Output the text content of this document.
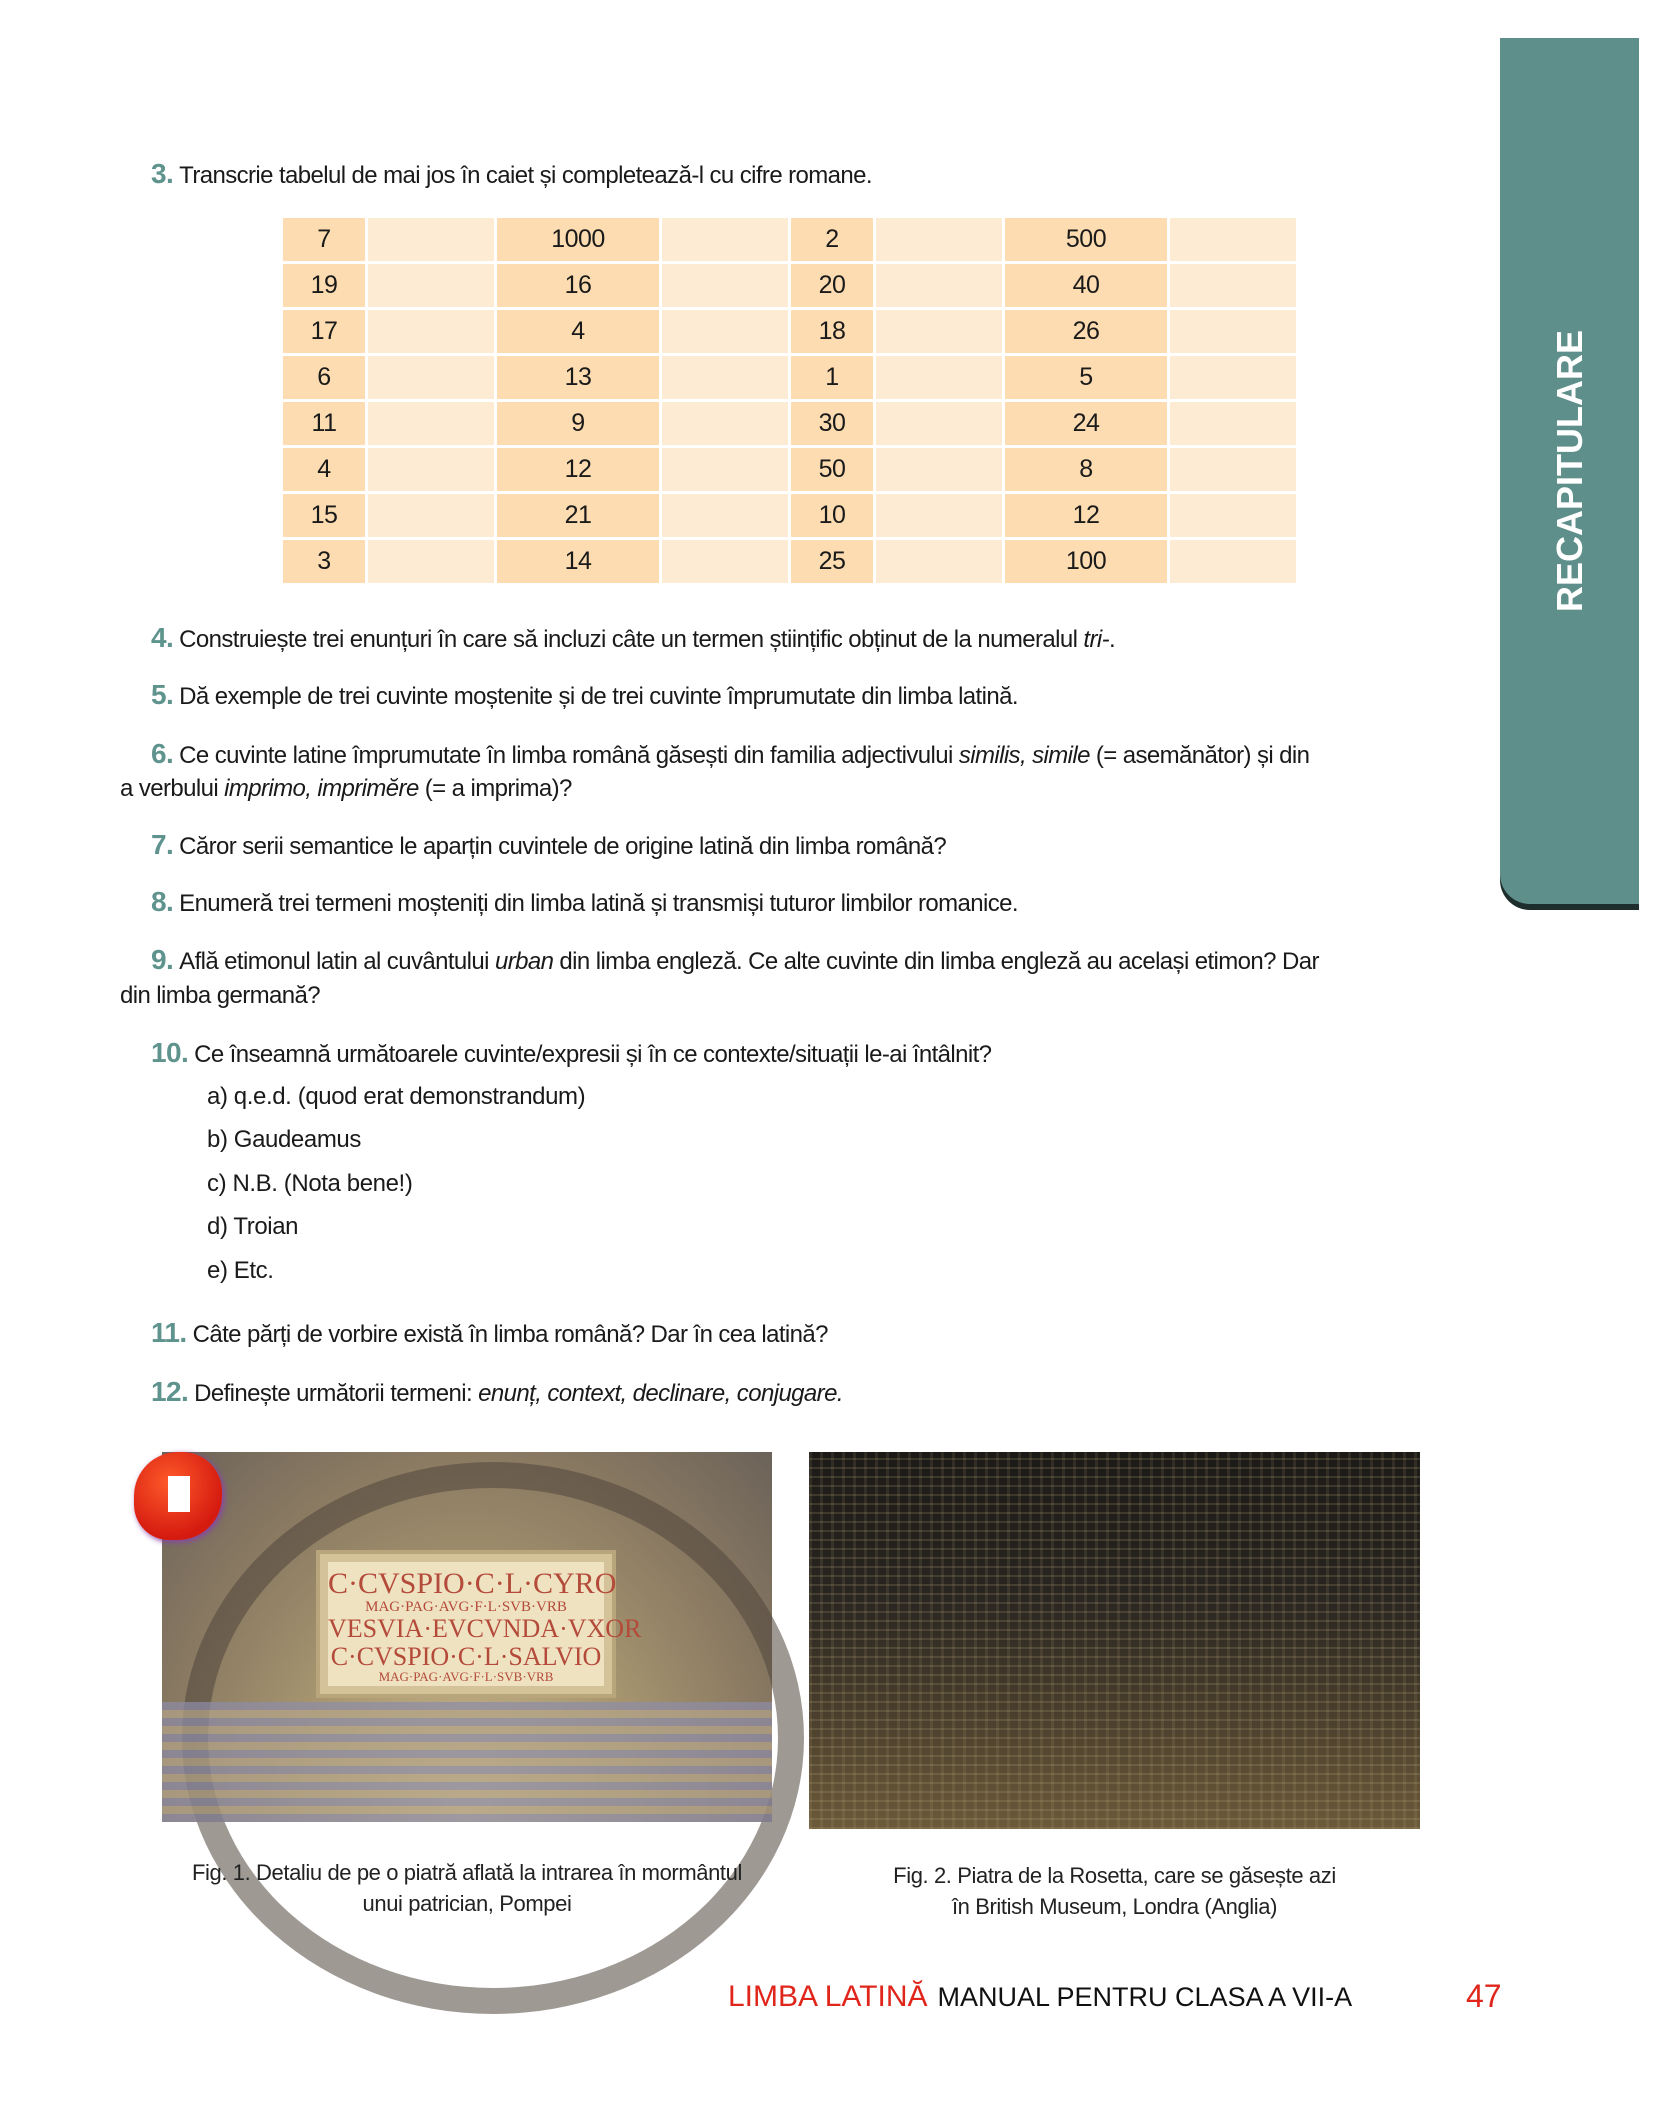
RECAPITULARE
3. Transcrie tabelul de mai jos în caiet și completează-l cu cifre romane.
7		1000		2		500	
19		16		20		40	
17		4		18		26	
6		13		1		5	
11		9		30		24	
4		12		50		8	
15		21		10		12	
3		14		25		100	
4. Construiește trei enunțuri în care să incluzi câte un termen științific obținut de la numeralul tri-.
5. Dă exemple de trei cuvinte moștenite și de trei cuvinte împrumutate din limba latină.
6. Ce cuvinte latine împrumutate în limba română găsești din familia adjectivului similis, simile (= asemănător) și din
a verbului imprimo, imprimĕre (= a imprima)?
7. Căror serii semantice le aparțin cuvintele de origine latină din limba română?
8. Enumeră trei termeni moșteniți din limba latină și transmiși tuturor limbilor romanice.
9. Află etimonul latin al cuvântului urban din limba engleză. Ce alte cuvinte din limba engleză au același etimon? Dar
din limba germană?
10. Ce înseamnă următoarele cuvinte/expresii și în ce contexte/situații le-ai întâlnit?
a) q.e.d. (quod erat demonstrandum)
b) Gaudeamus
c) N.B. (Nota bene!)
d) Troian
e) Etc.
11. Câte părți de vorbire există în limba română? Dar în cea latină?
12. Definește următorii termeni: enunț, context, declinare, conjugare.
C·CVSPIO·C·L·CYRO
MAG·PAG·AVG·F·L·SVB·VRB
VESVIA·EVCVNDA·VXOR
C·CVSPIO·C·L·SALVIO
MAG·PAG·AVG·F·L·SVB·VRB
Fig. 1. Detaliu de pe o piatră aflată la intrarea în mormântul
unui patrician, Pompei
Fig. 2. Piatra de la Rosetta, care se găsește azi
în British Museum, Londra (Anglia)
LIMBA LATINĂ MANUAL PENTRU CLASA A VII-A	47
